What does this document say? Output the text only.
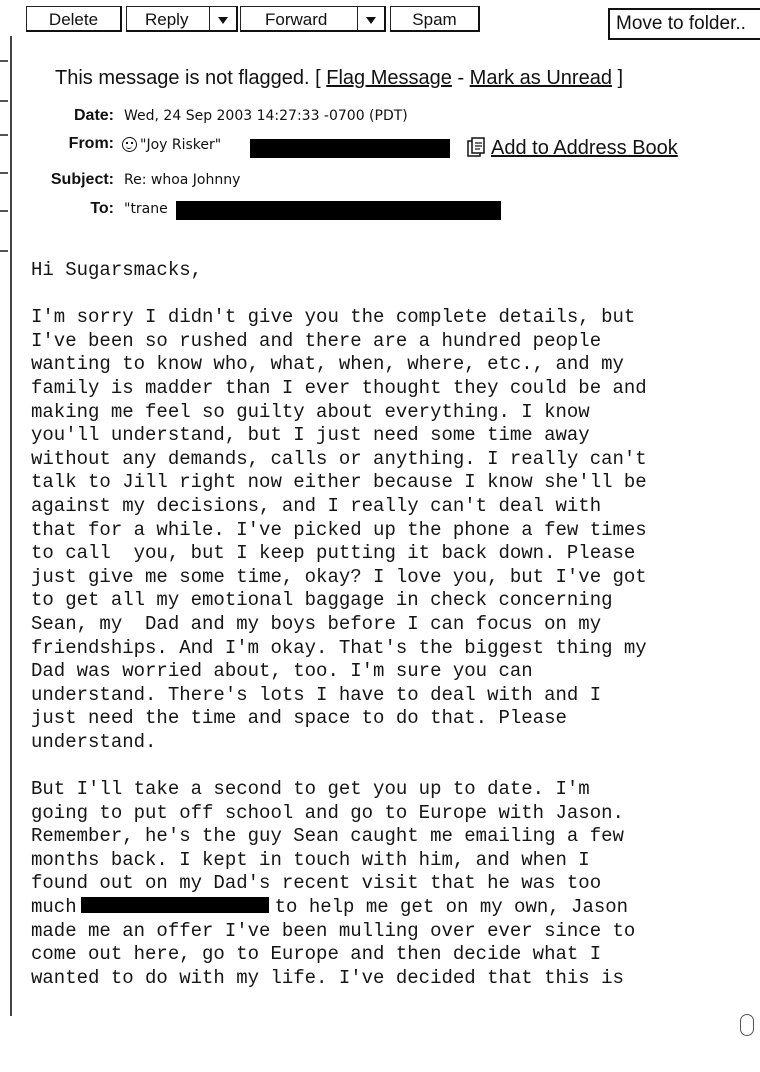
Delete	Reply	Forward	Spam	Move to folder..
This message is not flagged. [ Flag Message - Mark as Unread ]
Date: Wed, 24 Sep 2003 14:27:33 -0700 (PDT)
From:	"Joy Risker"	Add to Address Book
Subject: Re: whoa Johnny
To: "trane
Hi Sugarsmacks,
I'm sorry I didn't give you the complete details, but
I've been so rushed and there are a hundred people
wanting to know who, what, when, where, etc., and my
family is madder than I ever thought they could be and
making me feel so guilty about everything. I know
you'll understand, but I just need some time away
without any demands, calls or anything. I really can't
talk to Jill right now either because I know she'll be
against my decisions, and I really can't deal with
that for a while. I've picked up the phone a few times
to call  you, but I keep putting it back down. Please
just give me some time, okay? I love you, but I've got
to get all my emotional baggage in check concerning
Sean, my  Dad and my boys before I can focus on my
friendships. And I'm okay. That's the biggest thing my
Dad was worried about, too. I'm sure you can
understand. There's lots I have to deal with and I
just need the time and space to do that. Please
understand.
But I'll take a second to get you up to date. I'm
going to put off school and go to Europe with Jason.
Remember, he's the guy Sean caught me emailing a few
months back. I kept in touch with him, and when I
found out on my Dad's recent visit that he was too
much	to help me get on my own, Jason
made me an offer I've been mulling over ever since to
come out here, go to Europe and then decide what I
wanted to do with my life. I've decided that this is
